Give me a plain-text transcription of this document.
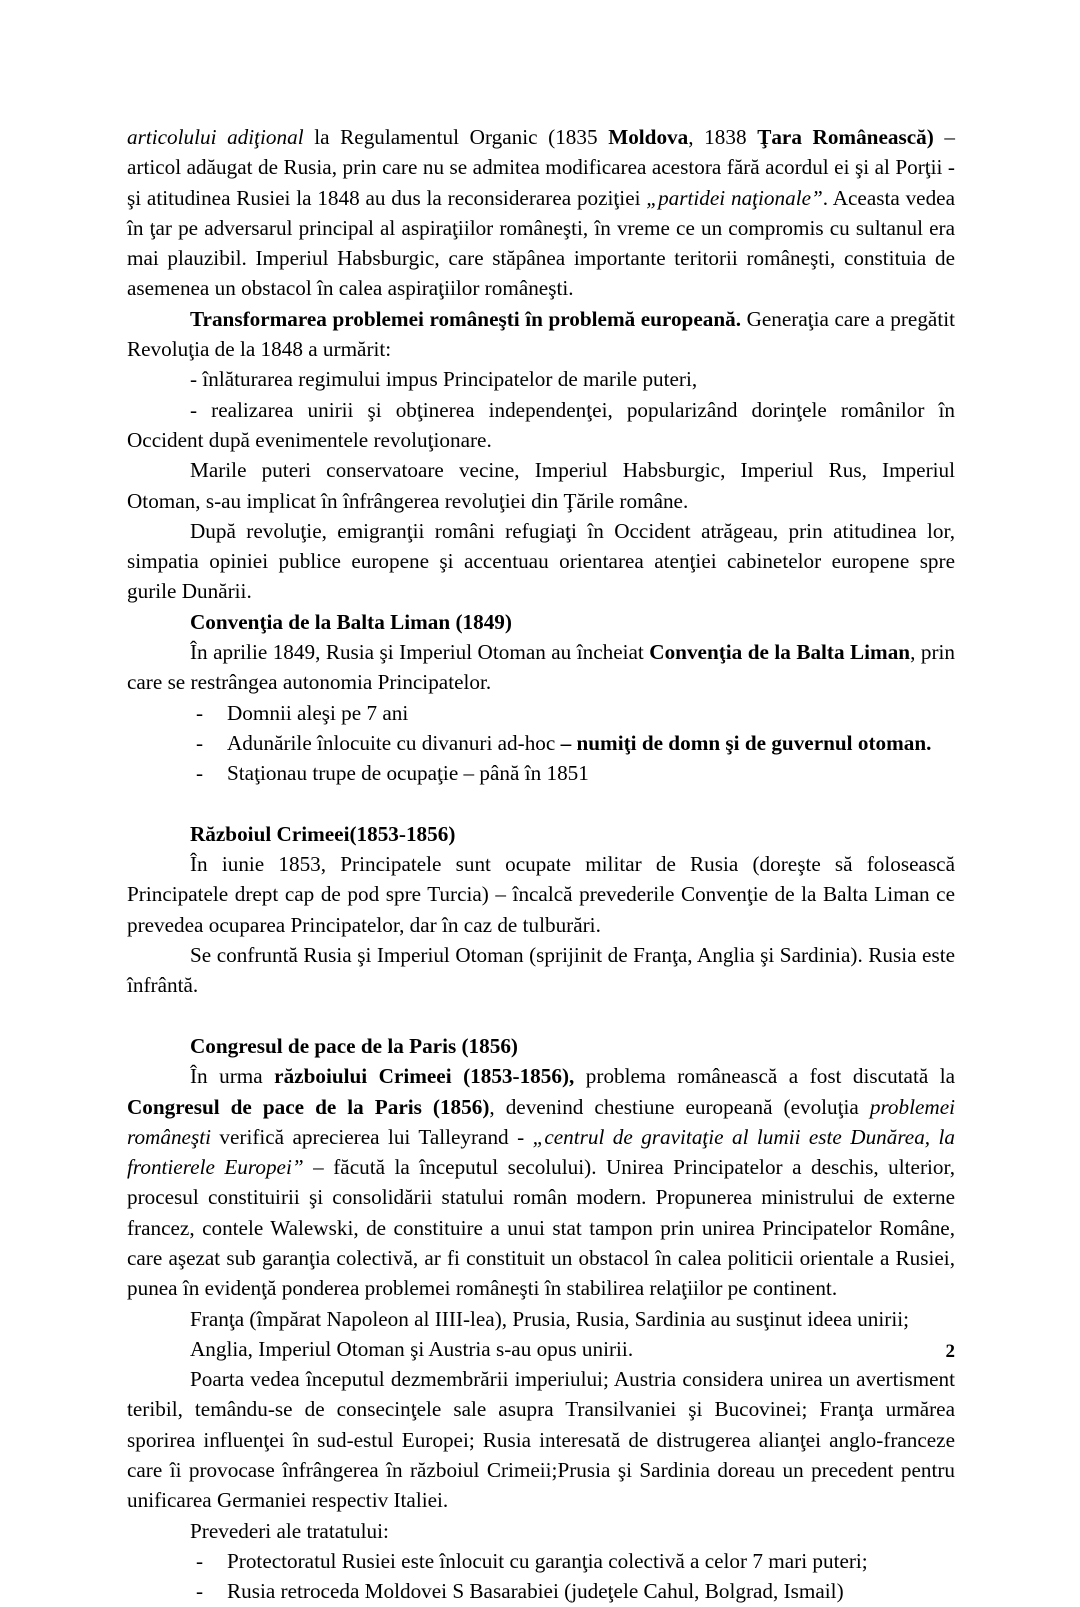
articolului adiţional la Regulamentul Organic (1835 Moldova, 1838 Ţara Românească) – articol adăugat de Rusia, prin care nu se admitea modificarea acestora fără acordul ei şi al Porţii - şi atitudinea Rusiei la 1848 au dus la reconsiderarea poziţiei „partidei naţionale”. Aceasta vedea în ţar pe adversarul principal al aspiraţiilor româneşti, în vreme ce un compromis cu sultanul era mai plauzibil. Imperiul Habsburgic, care stăpânea importante teritorii româneşti, constituia de asemenea un obstacol în calea aspiraţiilor româneşti.

Transformarea problemei româneşti în problemă europeană. Generaţia care a pregătit Revoluţia de la 1848 a urmărit:

- înlăturarea regimului impus Principatelor de marile puteri,

- realizarea unirii şi obţinerea independenţei, popularizând dorinţele românilor în Occident după evenimentele revoluţionare.

Marile puteri conservatoare vecine, Imperiul Habsburgic, Imperiul Rus, Imperiul Otoman, s-au implicat în înfrângerea revoluţiei din Ţările române.

După revoluţie, emigranţii români refugiaţi în Occident atrăgeau, prin atitudinea lor, simpatia opiniei publice europene şi accentuau orientarea atenţiei cabinetelor europene spre gurile Dunării.

Convenţia de la Balta Liman (1849)

În aprilie 1849, Rusia şi Imperiul Otoman au încheiat Convenţia de la Balta Liman, prin care se restrângea autonomia Principatelor.

- Domnii aleşi pe 7 ani
- Adunările înlocuite cu divanuri ad-hoc – numiţi de domn şi de guvernul otoman.
- Staţionau trupe de ocupaţie – până în 1851

Războiul Crimeei(1853-1856)

În iunie 1853, Principatele sunt ocupate militar de Rusia (doreşte să folosească Principatele drept cap de pod spre Turcia) – încalcă prevederile Convenţie de la Balta Liman ce prevedea ocuparea Principatelor, dar în caz de tulburări.

Se confruntă Rusia şi Imperiul Otoman (sprijinit de Franţa, Anglia şi Sardinia). Rusia este înfrântă.

Congresul de pace de la Paris (1856)

În urma războiului Crimeei (1853-1856), problema românească a fost discutată la Congresul de pace de la Paris (1856), devenind chestiune europeană (evoluţia problemei româneşti verifică aprecierea lui Talleyrand - „centrul de gravitaţie al lumii este Dunărea, la frontierele Europei” – făcută la începutul secolului). Unirea Principatelor a deschis, ulterior, procesul constituirii şi consolidării statului român modern. Propunerea ministrului de externe francez, contele Walewski, de constituire a unui stat tampon prin unirea Principatelor Române, care aşezat sub garanţia colectivă, ar fi constituit un obstacol în calea politicii orientale a Rusiei, punea în evidenţă ponderea problemei româneşti în stabilirea relaţiilor pe continent.

Franţa (împărat Napoleon al IIII-lea), Prusia, Rusia, Sardinia au susţinut ideea unirii;

Anglia, Imperiul Otoman şi Austria s-au opus unirii.

Poarta vedea începutul dezmembrării imperiului; Austria considera unirea un avertisment teribil, temându-se de consecinţele sale asupra Transilvaniei şi Bucovinei; Franţa urmărea sporirea influenţei în sud-estul Europei; Rusia interesată de distrugerea alianţei anglo-franceze care îi provocase înfrângerea în războiul Crimeii;Prusia şi Sardinia doreau un precedent pentru unificarea Germaniei respectiv Italiei.

Prevederi ale tratatului:

- Protectoratul Rusiei este înlocuit cu garanţia colectivă a celor 7 mari puteri;
- Rusia retroceda Moldovei S Basarabiei (judeţele Cahul, Bolgrad, Ismail)
2
